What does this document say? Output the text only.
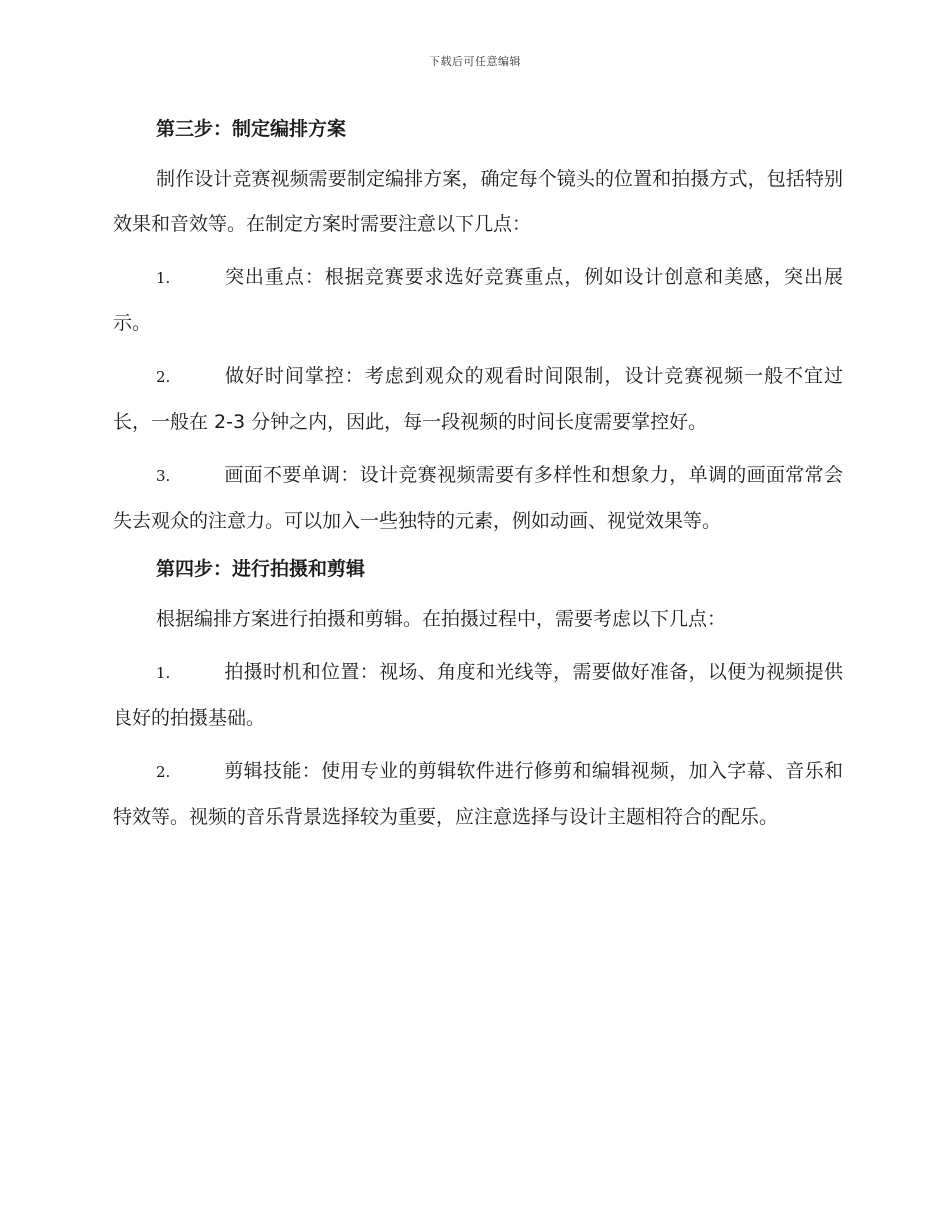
下载后可任意编辑

第三步：制定编排方案

制作设计竞赛视频需要制定编排方案，确定每个镜头的位置和拍摄方式，包括特别效果和音效等。在制定方案时需要注意以下几点：

1.	突出重点：根据竞赛要求选好竞赛重点，例如设计创意和美感，突出展示。

2.	做好时间掌控：考虑到观众的观看时间限制，设计竞赛视频一般不宜过长，一般在 2-3 分钟之内，因此，每一段视频的时间长度需要掌控好。

3.	画面不要单调：设计竞赛视频需要有多样性和想象力，单调的画面常常会失去观众的注意力。可以加入一些独特的元素，例如动画、视觉效果等。

第四步：进行拍摄和剪辑

根据编排方案进行拍摄和剪辑。在拍摄过程中，需要考虑以下几点：

1.	拍摄时机和位置：视场、角度和光线等，需要做好准备，以便为视频提供良好的拍摄基础。

2.	剪辑技能：使用专业的剪辑软件进行修剪和编辑视频，加入字幕、音乐和特效等。视频的音乐背景选择较为重要，应注意选择与设计主题相符合的配乐。
